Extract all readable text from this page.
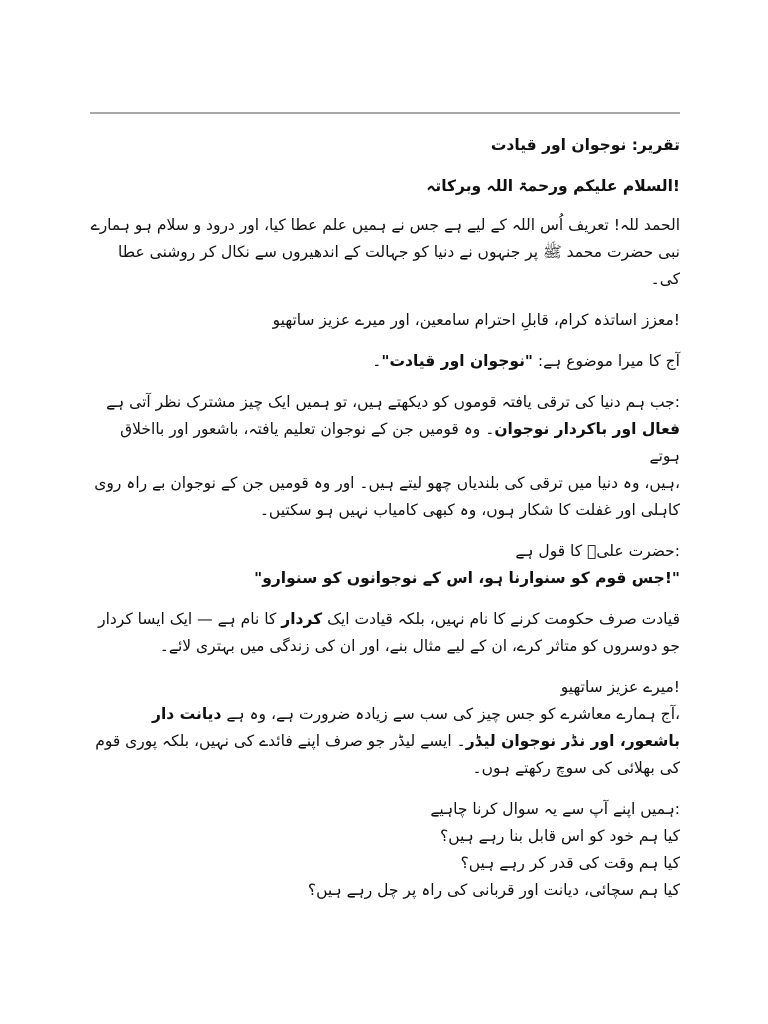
تقریر: نوجوان اور قیادت

!السلام علیکم ورحمۃ اللہ وبرکاتہ

الحمد للہ! تعریف اُس اللہ کے لیے ہے جس نے ہمیں علم عطا کیا، اور درود و سلام ہو ہمارے
نبی حضرت محمد ﷺ پر جنہوں نے دنیا کو جہالت کے اندھیروں سے نکال کر روشنی عطا
کی۔

!معزز اساتذہ کرام، قابلِ احترام سامعین، اور میرے عزیز ساتھیو

آج کا میرا موضوع ہے: "نوجوان اور قیادت"۔

:جب ہم دنیا کی ترقی یافتہ قوموں کو دیکھتے ہیں، تو ہمیں ایک چیز مشترک نظر آتی ہے
فعال اور باکردار نوجوان۔ وہ قومیں جن کے نوجوان تعلیم یافتہ، باشعور اور بااخلاق ہوتے
،ہیں، وہ دنیا میں ترقی کی بلندیاں چھو لیتے ہیں۔ اور وہ قومیں جن کے نوجوان بے راہ روی
کاہلی اور غفلت کا شکار ہوں، وہ کبھی کامیاب نہیں ہو سکتیں۔

:حضرت علیؓ کا قول ہے
"!جس قوم کو سنوارنا ہو، اس کے نوجوانوں کو سنوارو"

قیادت صرف حکومت کرنے کا نام نہیں، بلکہ قیادت ایک کردار کا نام ہے — ایک ایسا کردار
جو دوسروں کو متاثر کرے، ان کے لیے مثال بنے، اور ان کی زندگی میں بہتری لائے۔

!میرے عزیز ساتھیو
،آج ہمارے معاشرے کو جس چیز کی سب سے زیادہ ضرورت ہے، وہ ہے دیانت دار
باشعور، اور نڈر نوجوان لیڈر۔ ایسے لیڈر جو صرف اپنے فائدے کی نہیں، بلکہ پوری قوم
کی بھلائی کی سوچ رکھتے ہوں۔

:ہمیں اپنے آپ سے یہ سوال کرنا چاہیے
کیا ہم خود کو اس قابل بنا رہے ہیں؟
کیا ہم وقت کی قدر کر رہے ہیں؟
کیا ہم سچائی، دیانت اور قربانی کی راہ پر چل رہے ہیں؟
